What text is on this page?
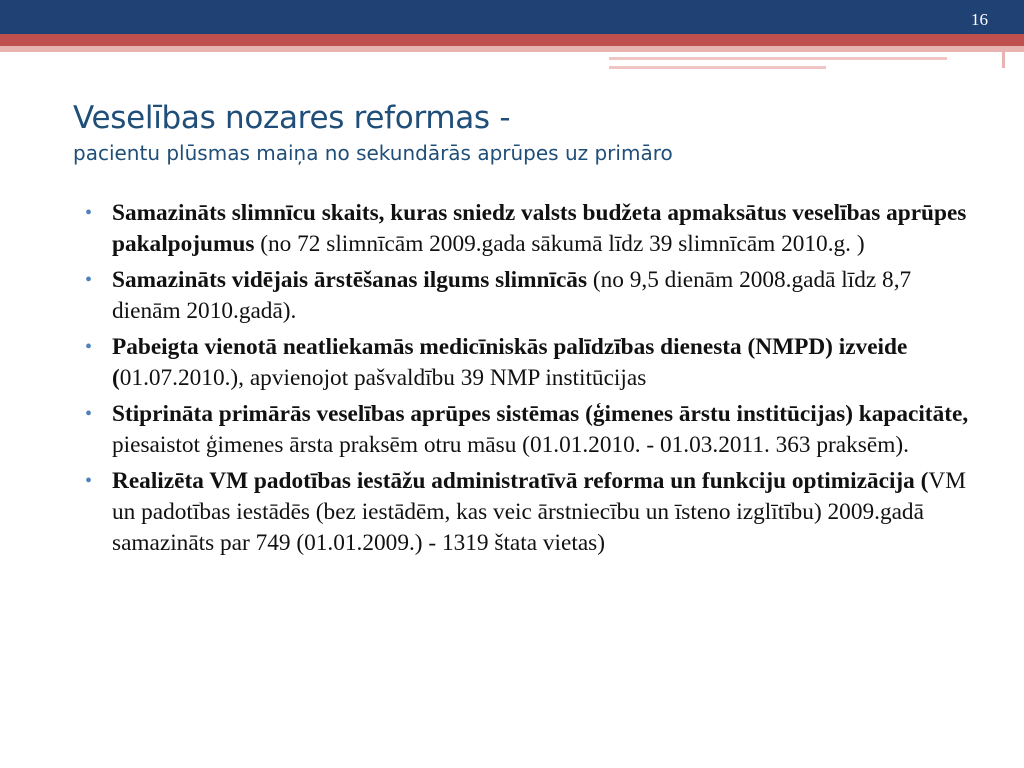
16
Veselības nozares reformas -
pacientu plūsmas maiņa no sekundārās aprūpes uz primāro
• Samazināts slimnīcu skaits, kuras sniedz valsts budžeta apmaksātus veselības aprūpes pakalpojumus (no 72 slimnīcām 2009.gada sākumā līdz 39 slimnīcām 2010.g. )
• Samazināts vidējais ārstēšanas ilgums slimnīcās (no 9,5 dienām 2008.gadā līdz 8,7 dienām 2010.gadā).
• Pabeigta vienotā neatliekamās medicīniskās palīdzības dienesta (NMPD) izveide (01.07.2010.), apvienojot pašvaldību 39 NMP institūcijas
• Stiprināta primārās veselības aprūpes sistēmas (ģimenes ārstu institūcijas) kapacitāte, piesaistot ģimenes ārsta praksēm otru māsu (01.01.2010. - 01.03.2011. 363 praksēm).
• Realizēta VM padotības iestāžu administratīvā reforma un funkciju optimizācija (VM un padotības iestādēs (bez iestādēm, kas veic ārstniecību un īsteno izglītību) 2009.gadā samazināts par 749 (01.01.2009.) - 1319 štata vietas)
